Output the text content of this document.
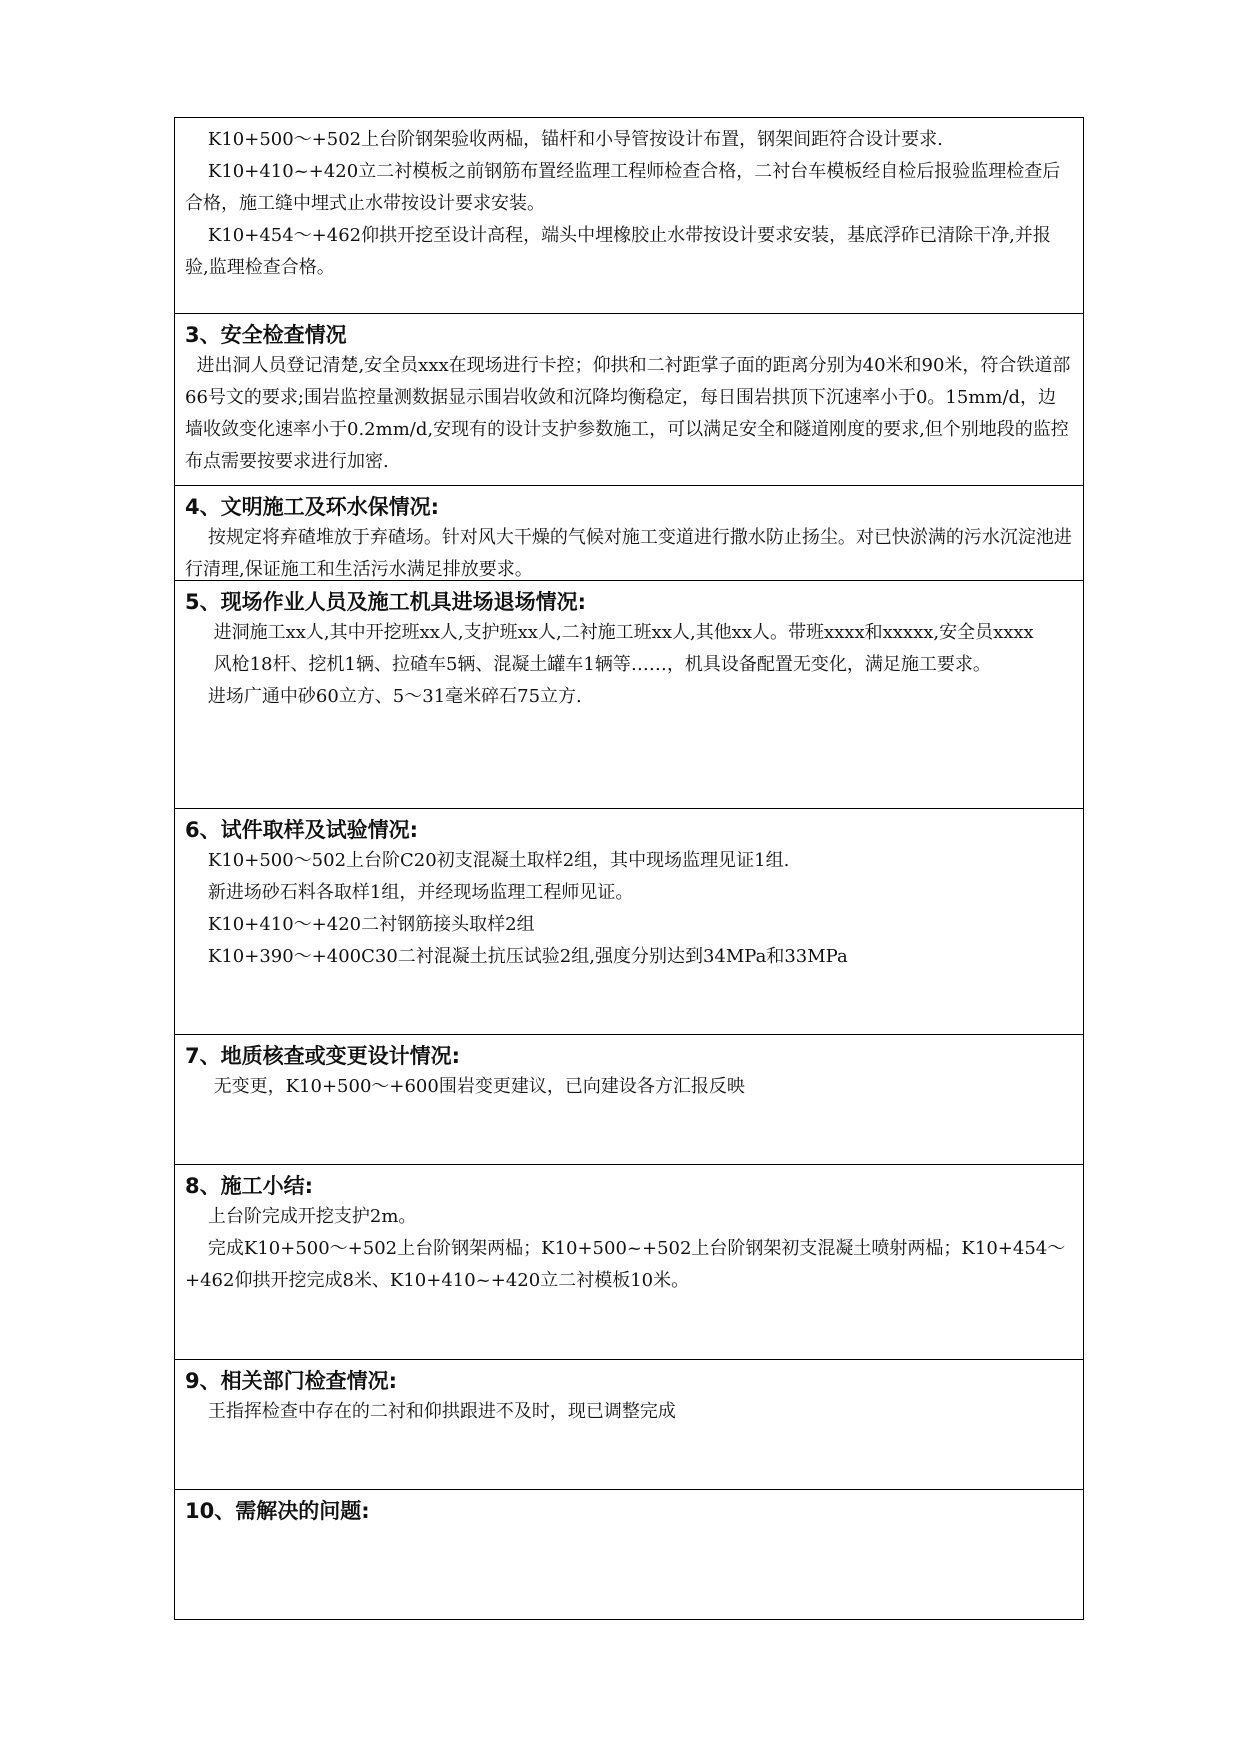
K10+500～+502上台阶钢架验收两榀，锚杆和小导管按设计布置，钢架间距符合设计要求.

K10+410~+420立二衬模板之前钢筋布置经监理工程师检查合格，二衬台车模板经自检后报验监理检查后合格，施工缝中埋式止水带按设计要求安装。

K10+454～+462仰拱开挖至设计高程，端头中埋橡胶止水带按设计要求安装，基底浮砟已清除干净,并报验,监理检查合格。

3、安全检查情况

进出洞人员登记清楚,安全员xxx在现场进行卡控；仰拱和二衬距掌子面的距离分别为40米和90米，符合铁道部66号文的要求;围岩监控量测数据显示围岩收敛和沉降均衡稳定，每日围岩拱顶下沉速率小于0。15mm/d，边墙收敛变化速率小于0.2mm/d,安现有的设计支护参数施工，可以满足安全和隧道刚度的要求,但个别地段的监控布点需要按要求进行加密.

4、文明施工及环水保情况:

按规定将弃碴堆放于弃碴场。针对风大干燥的气候对施工变道进行撒水防止扬尘。对已快淤满的污水沉淀池进行清理,保证施工和生活污水满足排放要求。

5、现场作业人员及施工机具进场退场情况:

进洞施工xx人,其中开挖班xx人,支护班xx人,二衬施工班xx人,其他xx人。带班xxxx和xxxxx,安全员xxxx

风枪18杆、挖机1辆、拉碴车5辆、混凝土罐车1辆等……，机具设备配置无变化，满足施工要求。

进场广通中砂60立方、5～31毫米碎石75立方.

6、试件取样及试验情况:

K10+500～502上台阶C20初支混凝土取样2组，其中现场监理见证1组.

新进场砂石料各取样1组，并经现场监理工程师见证。

K10+410～+420二衬钢筋接头取样2组

K10+390～+400C30二衬混凝土抗压试验2组,强度分别达到34MPa和33MPa

7、地质核查或变更设计情况:

无变更，K10+500～+600围岩变更建议，已向建设各方汇报反映

8、施工小结:

上台阶完成开挖支护2m。

完成K10+500～+502上台阶钢架两榀；K10+500~+502上台阶钢架初支混凝土喷射两榀；K10+454～+462仰拱开挖完成8米、K10+410~+420立二衬模板10米。

9、相关部门检查情况:

王指挥检查中存在的二衬和仰拱跟进不及时，现已调整完成

10、需解决的问题:
